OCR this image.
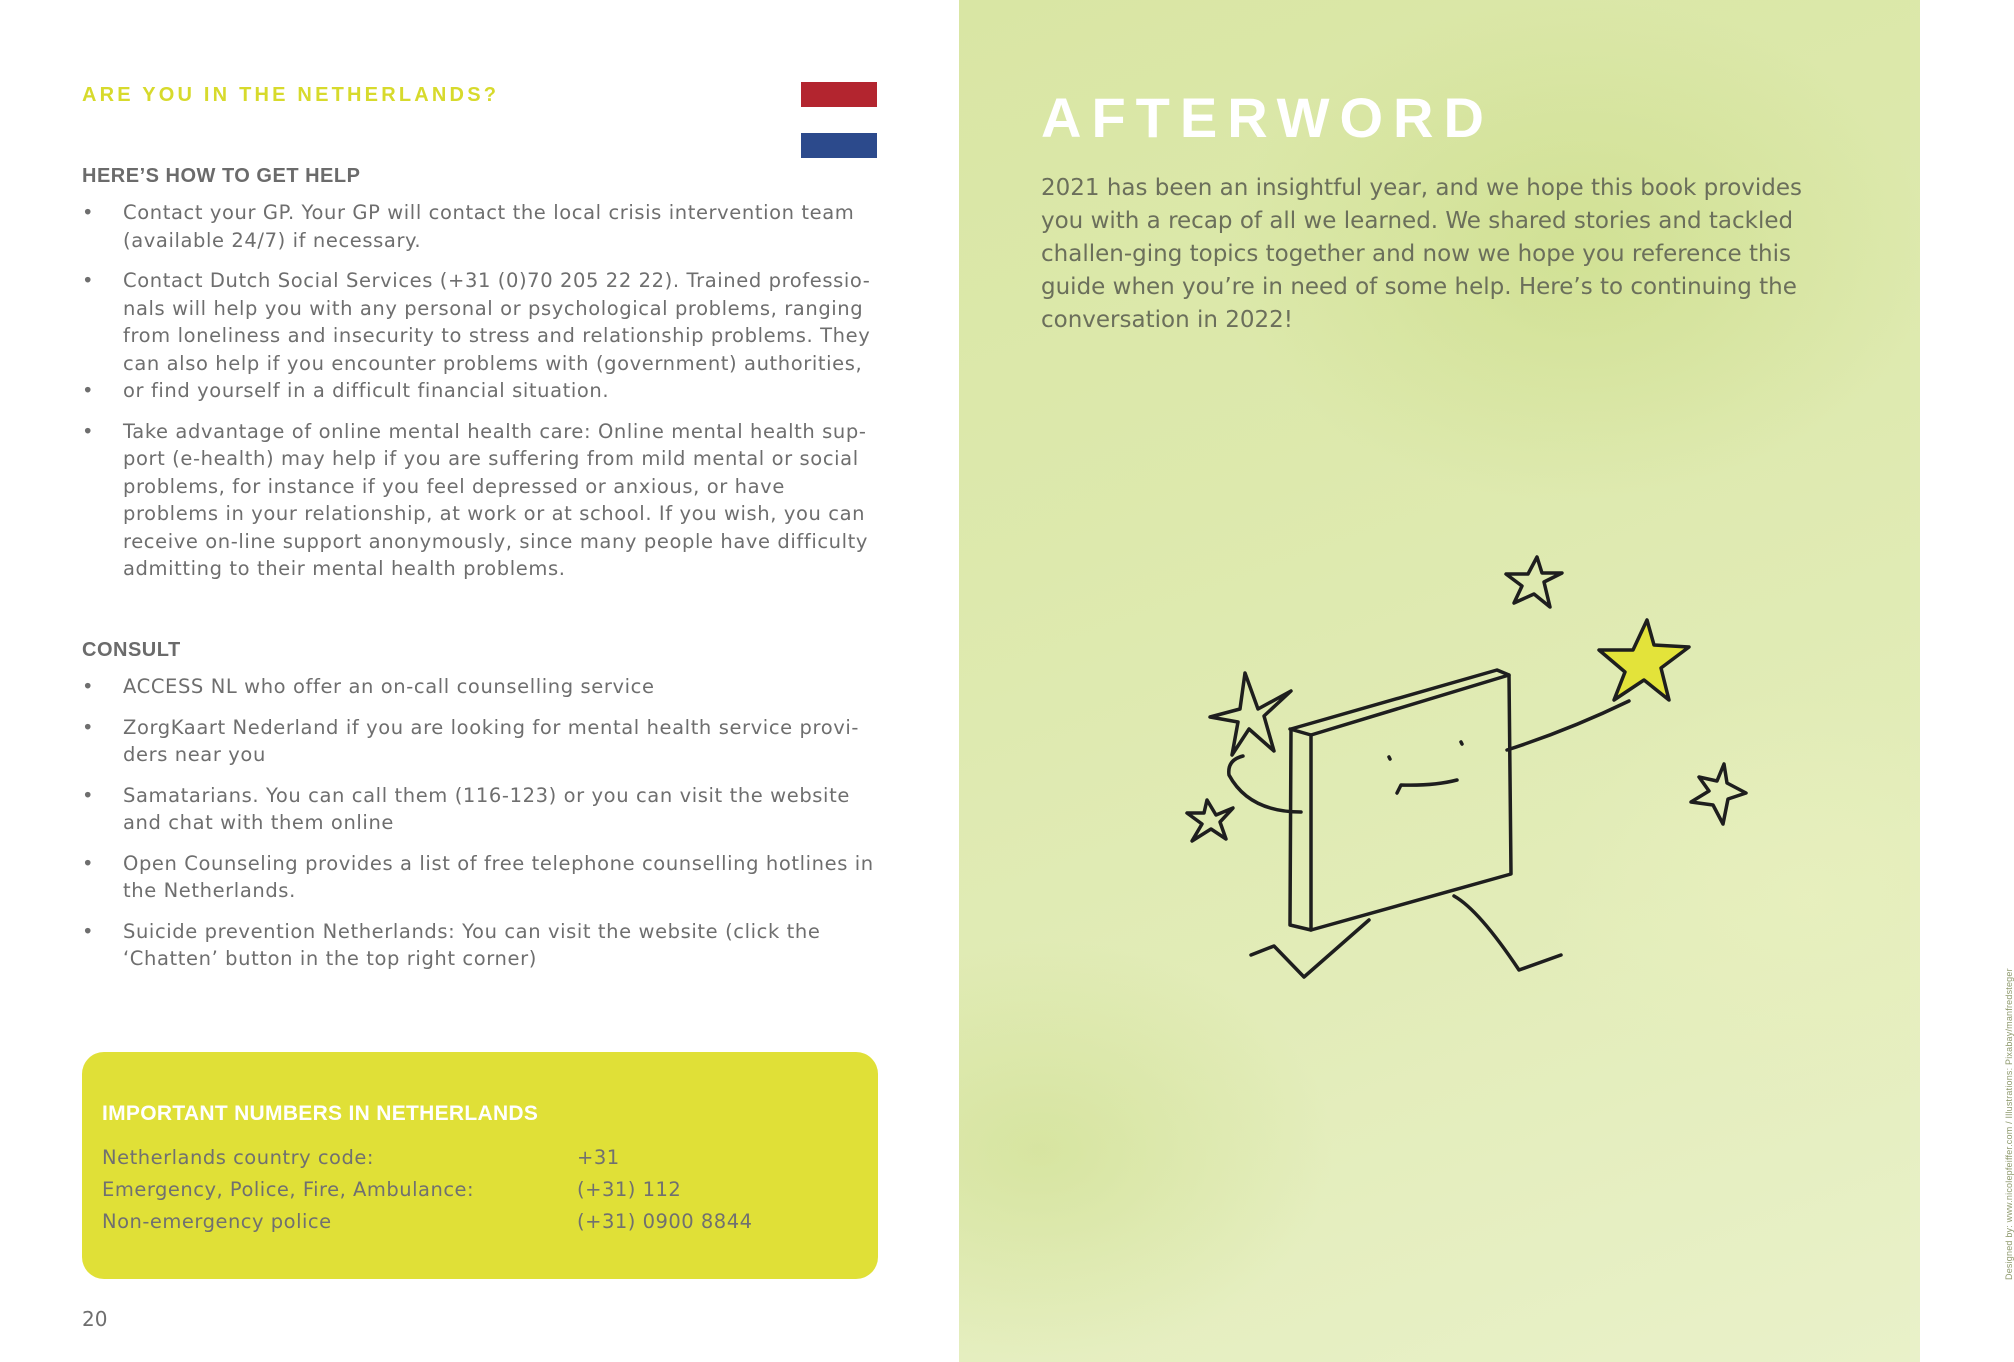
ARE YOU IN THE NETHERLANDS?

HERE’S HOW TO GET HELP
•	Contact your GP. Your GP will contact the local crisis intervention team (available 24/7) if necessary.
•	Contact Dutch Social Services (+31 (0)70 205 22 22). Trained professio-nals will help you with any personal or psychological problems, ranging from loneliness and insecurity to stress and relationship problems. They can also help if you encounter problems with (government) authorities,
•	or find yourself in a difficult financial situation.
•	Take advantage of online mental health care: Online mental health sup-port (e-health) may help if you are suffering from mild mental or social problems, for instance if you feel depressed or anxious, or have problems in your relationship, at work or at school. If you wish, you can receive on-line support anonymously, since many people have difficulty admitting to their mental health problems.
CONSULT
•	ACCESS NL who offer an on-call counselling service
•	ZorgKaart Nederland if you are looking for mental health service provi-ders near you
•	Samatarians. You can call them (116-123) or you can visit the website and chat with them online
•	Open Counseling provides a list of free telephone counselling hotlines in the Netherlands.
•	Suicide prevention Netherlands: You can visit the website (click the ‘Chatten’ button in the top right corner)
IMPORTANT NUMBERS IN NETHERLANDS
Netherlands country code:	+31
Emergency, Police, Fire, Ambulance:	(+31) 112
Non-emergency police	(+31) 0900 8844

20

AFTERWORD

2021 has been an insightful year, and we hope this book provides you with a recap of all we learned. We shared stories and tackled challen-ging topics together and now we hope you reference this guide when you’re in need of some help. Here’s to continuing the conversation in 2022!

Designed by: www.nicolepfeiffer.com / Illustrations: Pixabay/manfredsteger
